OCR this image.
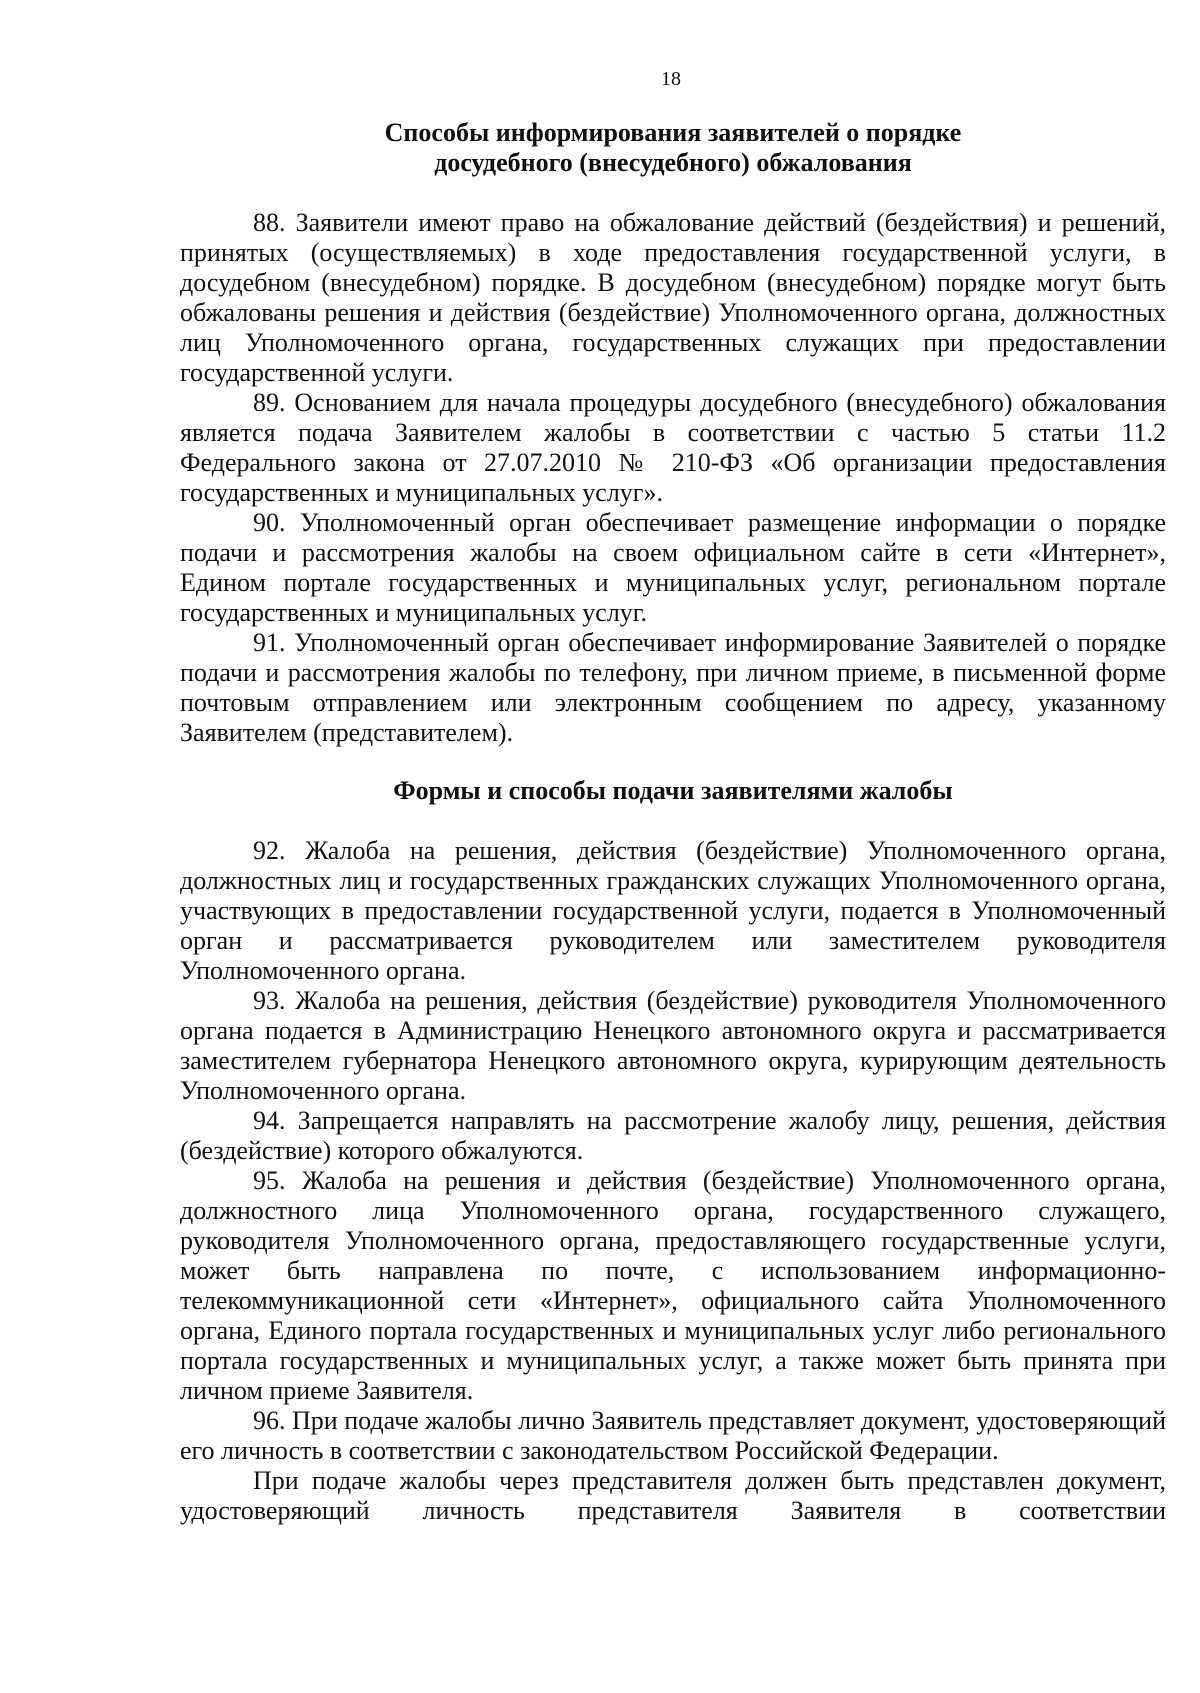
18
Способы информирования заявителей о порядке
досудебного (внесудебного) обжалования

88. Заявители имеют право на обжалование действий (бездействия) и решений, принятых (осуществляемых) в ходе предоставления государственной услуги, в досудебном (внесудебном) порядке. В досудебном (внесудебном) порядке могут быть обжалованы решения и действия (бездействие) Уполномоченного органа, должностных лиц Уполномоченного органа, государственных служащих при предоставлении государственной услуги.

89. Основанием для начала процедуры досудебного (внесудебного) обжалования является подача Заявителем жалобы в соответствии с частью 5 статьи 11.2 Федерального закона от 27.07.2010 № 210-ФЗ «Об организации предоставления государственных и муниципальных услуг».

90. Уполномоченный орган обеспечивает размещение информации о порядке подачи и рассмотрения жалобы на своем официальном сайте в сети «Интернет», Едином портале государственных и муниципальных услуг, региональном портале государственных и муниципальных услуг.

91. Уполномоченный орган обеспечивает информирование Заявителей о порядке подачи и рассмотрения жалобы по телефону, при личном приеме, в письменной форме почтовым отправлением или электронным сообщением по адресу, указанному Заявителем (представителем).

Формы и способы подачи заявителями жалобы

92. Жалоба на решения, действия (бездействие) Уполномоченного органа, должностных лиц и государственных гражданских служащих Уполномоченного органа, участвующих в предоставлении государственной услуги, подается в Уполномоченный орган и рассматривается руководителем или заместителем руководителя Уполномоченного органа.

93. Жалоба на решения, действия (бездействие) руководителя Уполномоченного органа подается в Администрацию Ненецкого автономного округа и рассматривается заместителем губернатора Ненецкого автономного округа, курирующим деятельность Уполномоченного органа.

94. Запрещается направлять на рассмотрение жалобу лицу, решения, действия (бездействие) которого обжалуются.

95. Жалоба на решения и действия (бездействие) Уполномоченного органа, должностного лица Уполномоченного органа, государственного служащего, руководителя Уполномоченного органа, предоставляющего государственные услуги, может быть направлена по почте, с использованием информационно-телекоммуникационной сети «Интернет», официального сайта Уполномоченного органа, Единого портала государственных и муниципальных услуг либо регионального портала государственных и муниципальных услуг, а также может быть принята при личном приеме Заявителя.

96. При подаче жалобы лично Заявитель представляет документ, удостоверяющий его личность в соответствии с законодательством Российской Федерации.

При подаче жалобы через представителя должен быть представлен документ, удостоверяющий личность представителя Заявителя в соответствии
